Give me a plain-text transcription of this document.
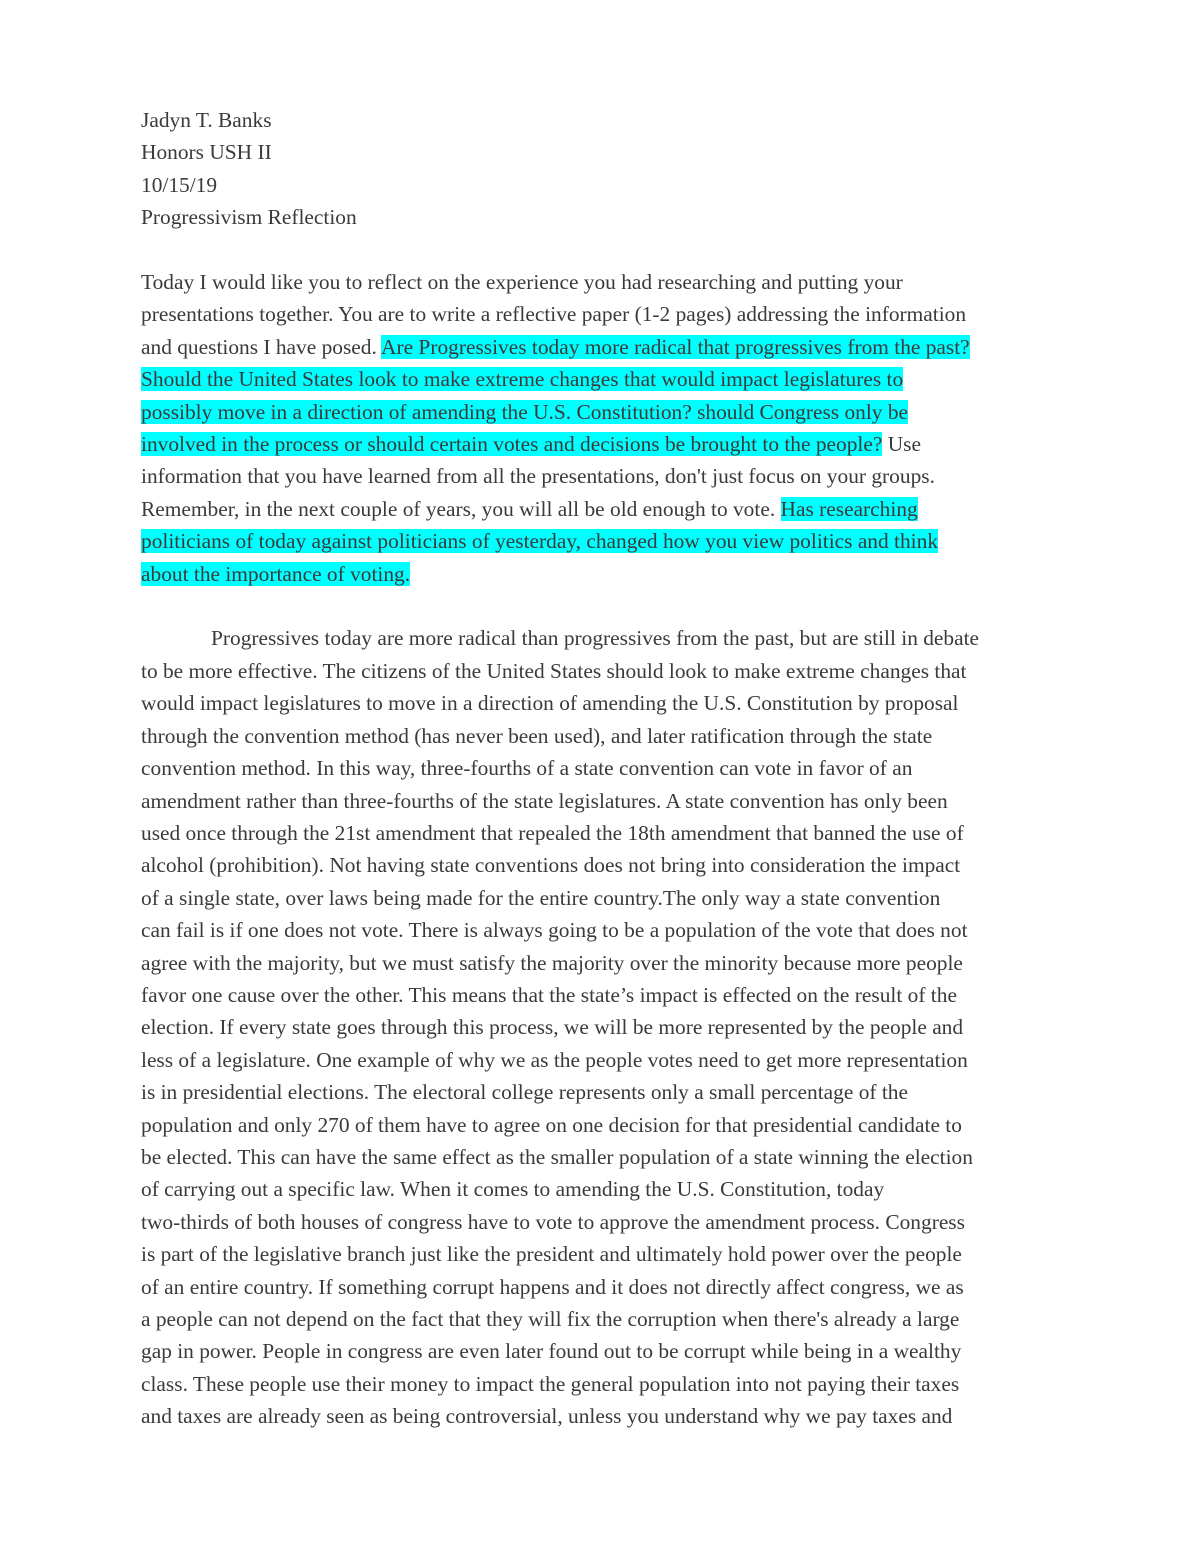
Jadyn T. Banks
Honors USH II
10/15/19
Progressivism Reflection
Today I would like you to reflect on the experience you had researching and putting your
presentations together. You are to write a reflective paper (1-2 pages) addressing the information
and questions I have posed. Are Progressives today more radical that progressives from the past?
Should the United States look to make extreme changes that would impact legislatures to
possibly move in a direction of amending the U.S. Constitution? should Congress only be
involved in the process or should certain votes and decisions be brought to the people? Use
information that you have learned from all the presentations, don't just focus on your groups.
Remember, in the next couple of years, you will all be old enough to vote. Has researching
politicians of today against politicians of yesterday, changed how you view politics and think
about the importance of voting.
Progressives today are more radical than progressives from the past, but are still in debate
to be more effective. The citizens of the United States should look to make extreme changes that
would impact legislatures to move in a direction of amending the U.S. Constitution by proposal
through the convention method (has never been used), and later ratification through the state
convention method. In this way, three-fourths of a state convention can vote in favor of an
amendment rather than three-fourths of the state legislatures. A state convention has only been
used once through the 21st amendment that repealed the 18th amendment that banned the use of
alcohol (prohibition). Not having state conventions does not bring into consideration the impact
of a single state, over laws being made for the entire country.The only way a state convention
can fail is if one does not vote. There is always going to be a population of the vote that does not
agree with the majority, but we must satisfy the majority over the minority because more people
favor one cause over the other. This means that the state’s impact is effected on the result of the
election. If every state goes through this process, we will be more represented by the people and
less of a legislature. One example of why we as the people votes need to get more representation
is in presidential elections. The electoral college represents only a small percentage of the
population and only 270 of them have to agree on one decision for that presidential candidate to
be elected. This can have the same effect as the smaller population of a state winning the election
of carrying out a specific law. When it comes to amending the U.S. Constitution, today
two-thirds of both houses of congress have to vote to approve the amendment process. Congress
is part of the legislative branch just like the president and ultimately hold power over the people
of an entire country. If something corrupt happens and it does not directly affect congress, we as
a people can not depend on the fact that they will fix the corruption when there's already a large
gap in power. People in congress are even later found out to be corrupt while being in a wealthy
class. These people use their money to impact the general population into not paying their taxes
and taxes are already seen as being controversial, unless you understand why we pay taxes and
